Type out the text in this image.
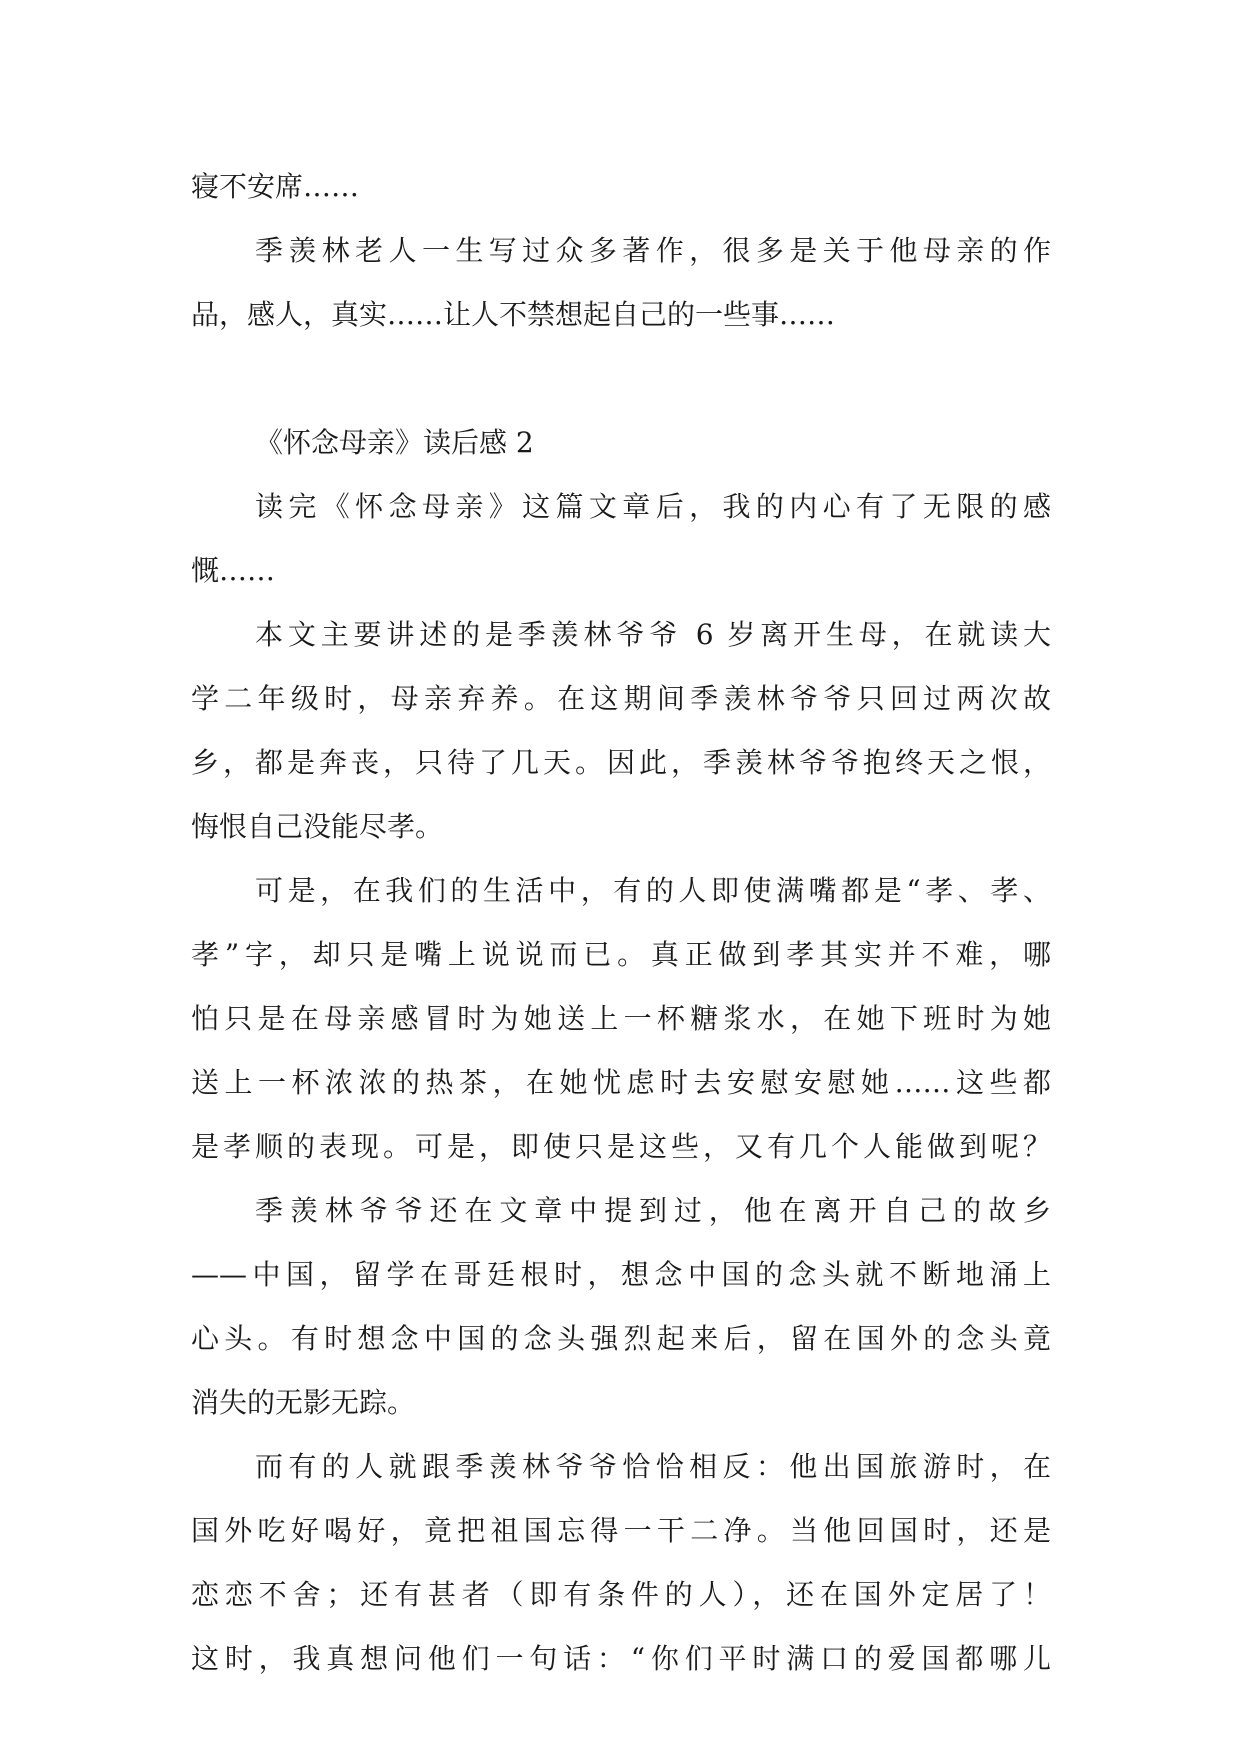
寝不安席……
季羡林老人一生写过众多著作，很多是关于他母亲的作
品，感人，真实……让人不禁想起自己的一些事……
《怀念母亲》读后感 2
读完《怀念母亲》这篇文章后，我的内心有了无限的感
慨……
本文主要讲述的是季羡林爷爷 6 岁离开生母，在就读大
学二年级时，母亲弃养。在这期间季羡林爷爷只回过两次故
乡，都是奔丧，只待了几天。因此，季羡林爷爷抱终天之恨，
悔恨自己没能尽孝。
可是，在我们的生活中，有的人即使满嘴都是“孝、孝、
孝”字，却只是嘴上说说而已。真正做到孝其实并不难，哪
怕只是在母亲感冒时为她送上一杯糖浆水，在她下班时为她
送上一杯浓浓的热茶，在她忧虑时去安慰安慰她……这些都
是孝顺的表现。可是，即使只是这些，又有几个人能做到呢？
季羡林爷爷还在文章中提到过，他在离开自己的故乡
——中国，留学在哥廷根时，想念中国的念头就不断地涌上
心头。有时想念中国的念头强烈起来后，留在国外的念头竟
消失的无影无踪。
而有的人就跟季羡林爷爷恰恰相反：他出国旅游时，在
国外吃好喝好，竟把祖国忘得一干二净。当他回国时，还是
恋恋不舍；还有甚者（即有条件的人），还在国外定居了！
这时，我真想问他们一句话：“你们平时满口的爱国都哪儿
